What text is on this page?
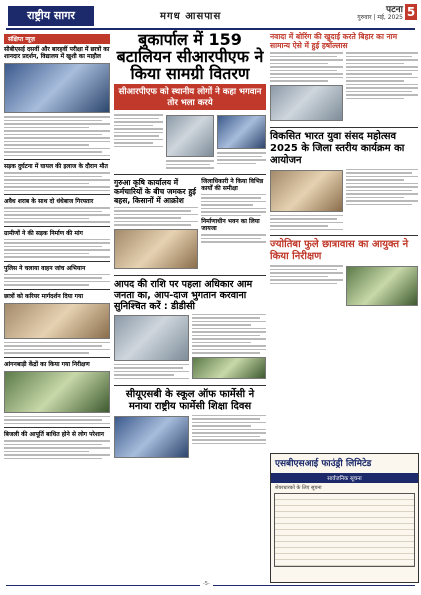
राष्ट्रीय सागर	मगध आसपास
पटना
गुरुवार | मई, 2025 5
संक्षिप्त न्यूज़
सीबीएसई दसवीं और बारहवीं परीक्षा में छात्रों का शानदार प्रदर्शन, विद्यालय में खुशी का माहौल
सड़क दुर्घटना में घायल की इलाज के दौरान मौत
अवैध शराब के साथ दो धंधेबाज गिरफ्तार
ग्रामीणों ने की सड़क निर्माण की मांग
पुलिस ने चलाया वाहन जांच अभियान
छात्रों को करियर मार्गदर्शन दिया गया
आंगनबाड़ी केंद्रों का किया गया निरीक्षण
बिजली की आपूर्ति बाधित होने से लोग परेशान
बुकार्पाल में 159 बटालियन सीआरपीएफ ने किया सामग्री वितरण
सीआरपीएफ को स्थानीय लोगों ने कहा भगवान तोर भला करये
गुरुआ कृषि कार्यालय में कर्मचारियों के बीच जमकर हुई बहस, किसानों में आक्रोश
जिलाधिकारी ने किया विभिन्न कार्यों की समीक्षा
निर्माणाधीन भवन का लिया जायजा
आपद की राशि पर पहला अधिकार आम जनता का, आप-दाज भुगतान करवाना सुनिश्चित करें : डीडीसी
सीयूएसबी के स्कूल ऑफ फार्मेसी ने मनाया राष्ट्रीय फार्मेसी शिक्षा दिवस
नवादा में बोरिंग की खुदाई करते बिहार का नाम सामान्य ऐसे में हुई हर्षोल्लास
विकसित भारत युवा संसद महोत्सव 2025 के जिला स्तरीय कार्यक्रम का आयोजन
ज्योतिबा फुले छात्रावास का आयुक्त ने किया निरीक्षण
एसबीएसआई फाउंड्री लिमिटेड
सार्वजनिक सूचना
शेयरधारकों के लिए सूचना
-5-
